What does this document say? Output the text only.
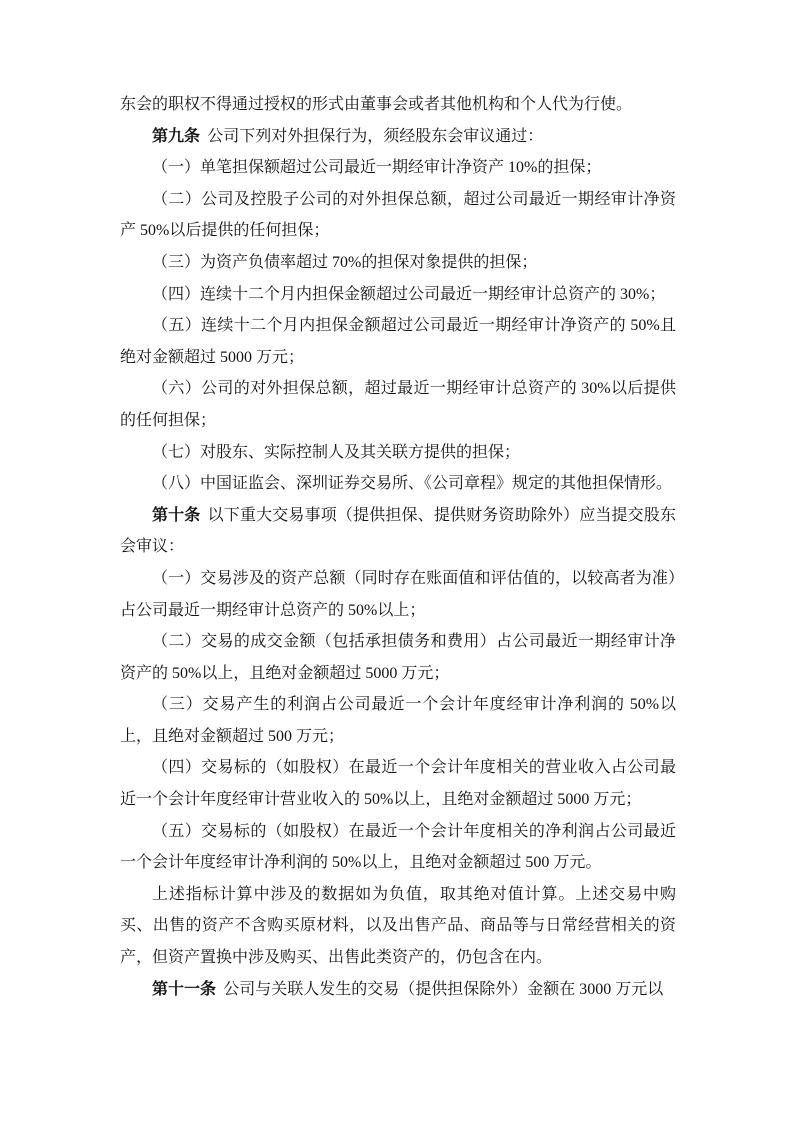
东会的职权不得通过授权的形式由董事会或者其他机构和个人代为行使。

第九条 公司下列对外担保行为，须经股东会审议通过：

（一）单笔担保额超过公司最近一期经审计净资产 10%的担保；

（二）公司及控股子公司的对外担保总额，超过公司最近一期经审计净资产 50%以后提供的任何担保；

（三）为资产负债率超过 70%的担保对象提供的担保；

（四）连续十二个月内担保金额超过公司最近一期经审计总资产的 30%；

（五）连续十二个月内担保金额超过公司最近一期经审计净资产的 50%且绝对金额超过 5000 万元；

（六）公司的对外担保总额，超过最近一期经审计总资产的 30%以后提供的任何担保；

（七）对股东、实际控制人及其关联方提供的担保；

（八）中国证监会、深圳证券交易所、《公司章程》规定的其他担保情形。

第十条 以下重大交易事项（提供担保、提供财务资助除外）应当提交股东会审议：

（一）交易涉及的资产总额（同时存在账面值和评估值的，以较高者为准）占公司最近一期经审计总资产的 50%以上；

（二）交易的成交金额（包括承担债务和费用）占公司最近一期经审计净资产的 50%以上，且绝对金额超过 5000 万元；

（三）交易产生的利润占公司最近一个会计年度经审计净利润的 50%以上，且绝对金额超过 500 万元；

（四）交易标的（如股权）在最近一个会计年度相关的营业收入占公司最近一个会计年度经审计营业收入的 50%以上，且绝对金额超过 5000 万元；

（五）交易标的（如股权）在最近一个会计年度相关的净利润占公司最近一个会计年度经审计净利润的 50%以上，且绝对金额超过 500 万元。

上述指标计算中涉及的数据如为负值，取其绝对值计算。上述交易中购买、出售的资产不含购买原材料，以及出售产品、商品等与日常经营相关的资产，但资产置换中涉及购买、出售此类资产的，仍包含在内。

第十一条 公司与关联人发生的交易（提供担保除外）金额在 3000 万元以
